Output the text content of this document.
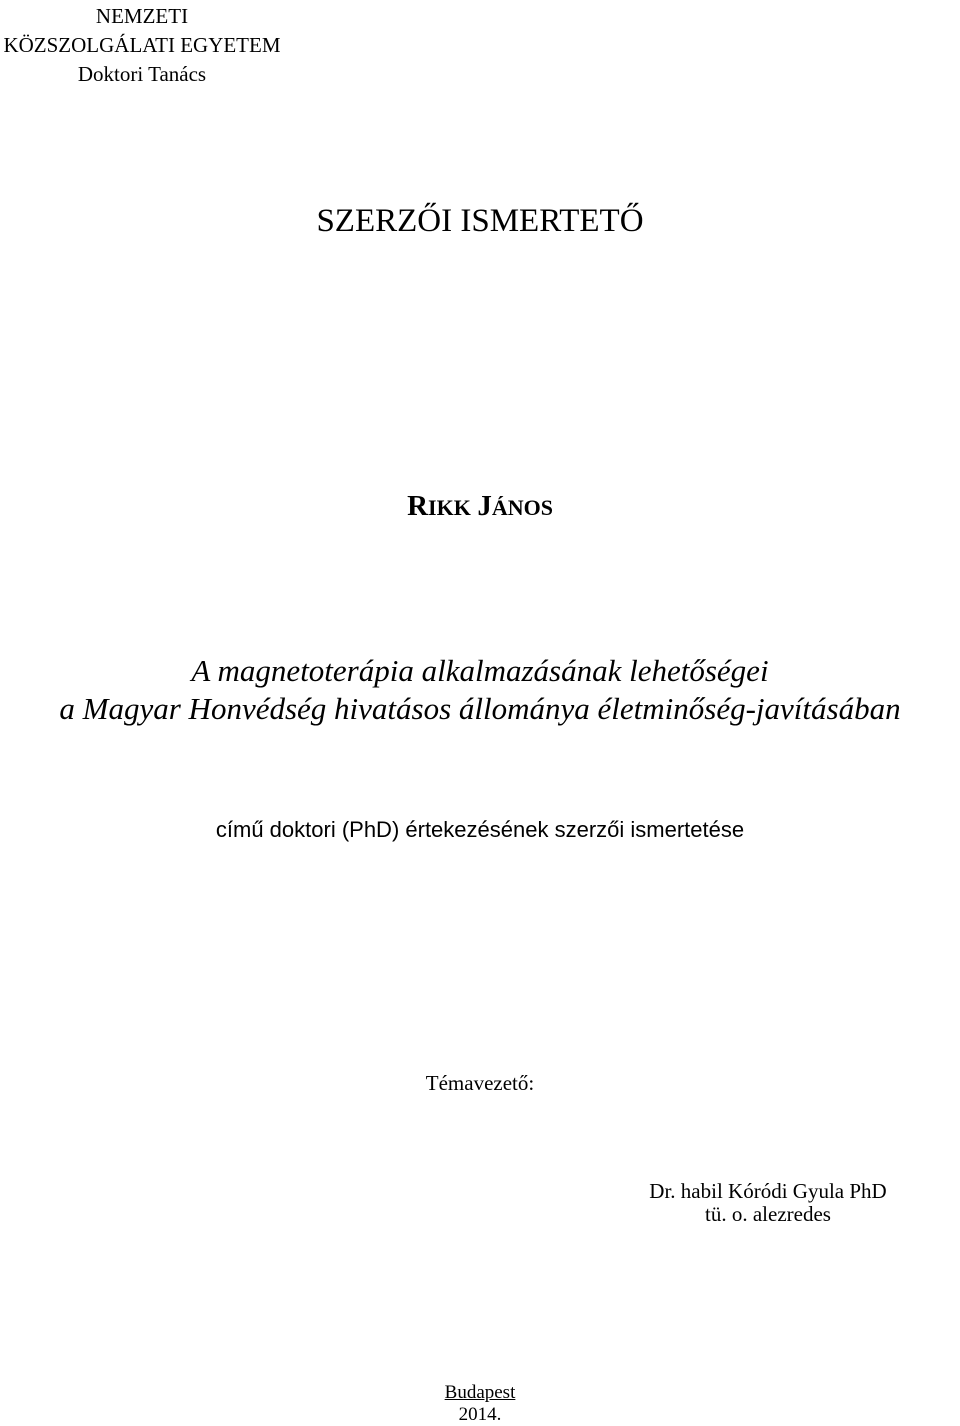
NEMZETI
KÖZSZOLGÁLATI EGYETEM
Doktori Tanács
SZERZŐI ISMERTETŐ
RIKK JÁNOS
A magnetoterápia alkalmazásának lehetőségei
a Magyar Honvédség hivatásos állománya életminőség-javításában
című doktori (PhD) értekezésének szerzői ismertetése
Témavezető:
Dr. habil Kóródi Gyula PhD
tü. o. alezredes
Budapest
2014.
